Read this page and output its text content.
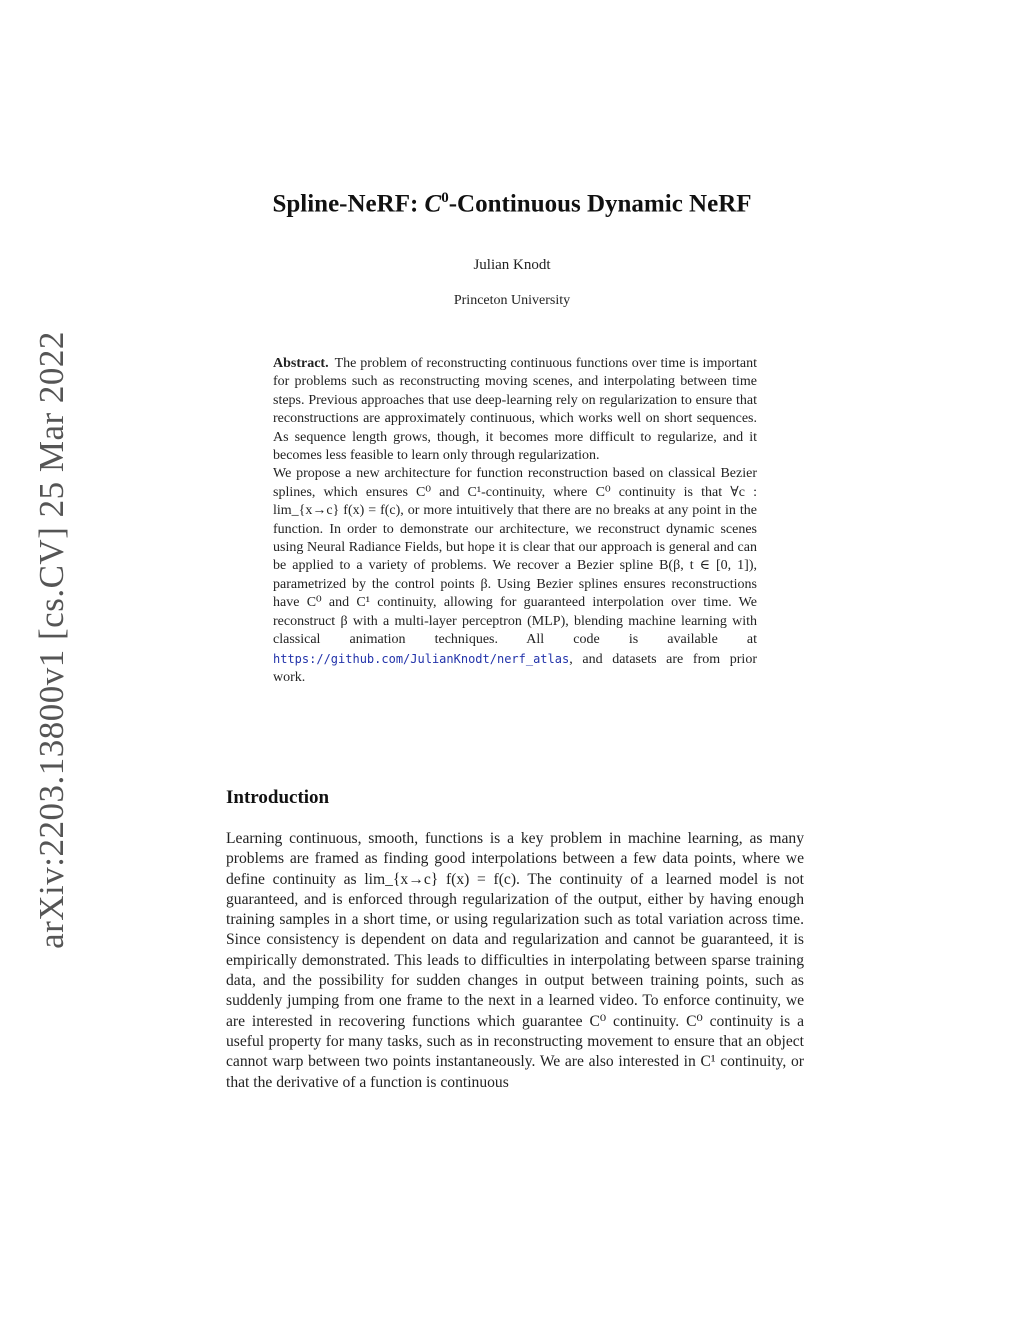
arXiv:2203.13800v1 [cs.CV] 25 Mar 2022
Spline-NeRF: $C^0$-Continuous Dynamic NeRF
Julian Knodt
Princeton University

Abstract. The problem of reconstructing continuous functions over time is important for problems such as reconstructing moving scenes, and interpolating between time steps. Previous approaches that use deep-learning rely on regularization to ensure that reconstructions are approximately continuous, which works well on short sequences. As sequence length grows, though, it becomes more difficult to regularize, and it becomes less feasible to learn only through regularization.

We propose a new architecture for function reconstruction based on classical Bezier splines, which ensures C⁰ and C¹-continuity, where C⁰ continuity is that ∀c : lim_{x→c} f(x) = f(c), or more intuitively that there are no breaks at any point in the function. In order to demonstrate our architecture, we reconstruct dynamic scenes using Neural Radiance Fields, but hope it is clear that our approach is general and can be applied to a variety of problems. We recover a Bezier spline B(β, t ∈ [0, 1]), parametrized by the control points β. Using Bezier splines ensures reconstructions have C⁰ and C¹ continuity, allowing for guaranteed interpolation over time. We reconstruct β with a multi-layer perceptron (MLP), blending machine learning with classical animation techniques. All code is available at https://github.com/JulianKnodt/nerf_atlas, and datasets are from prior work.

Introduction

Learning continuous, smooth, functions is a key problem in machine learning, as many problems are framed as finding good interpolations between a few data points, where we define continuity as lim_{x→c} f(x) = f(c). The continuity of a learned model is not guaranteed, and is enforced through regularization of the output, either by having enough training samples in a short time, or using regularization such as total variation across time. Since consistency is dependent on data and regularization and cannot be guaranteed, it is empirically demonstrated. This leads to difficulties in interpolating between sparse training data, and the possibility for sudden changes in output between training points, such as suddenly jumping from one frame to the next in a learned video. To enforce continuity, we are interested in recovering functions which guarantee C⁰ continuity. C⁰ continuity is a useful property for many tasks, such as in reconstructing movement to ensure that an object cannot warp between two points instantaneously. We are also interested in C¹ continuity, or that the derivative of a function is continuous
